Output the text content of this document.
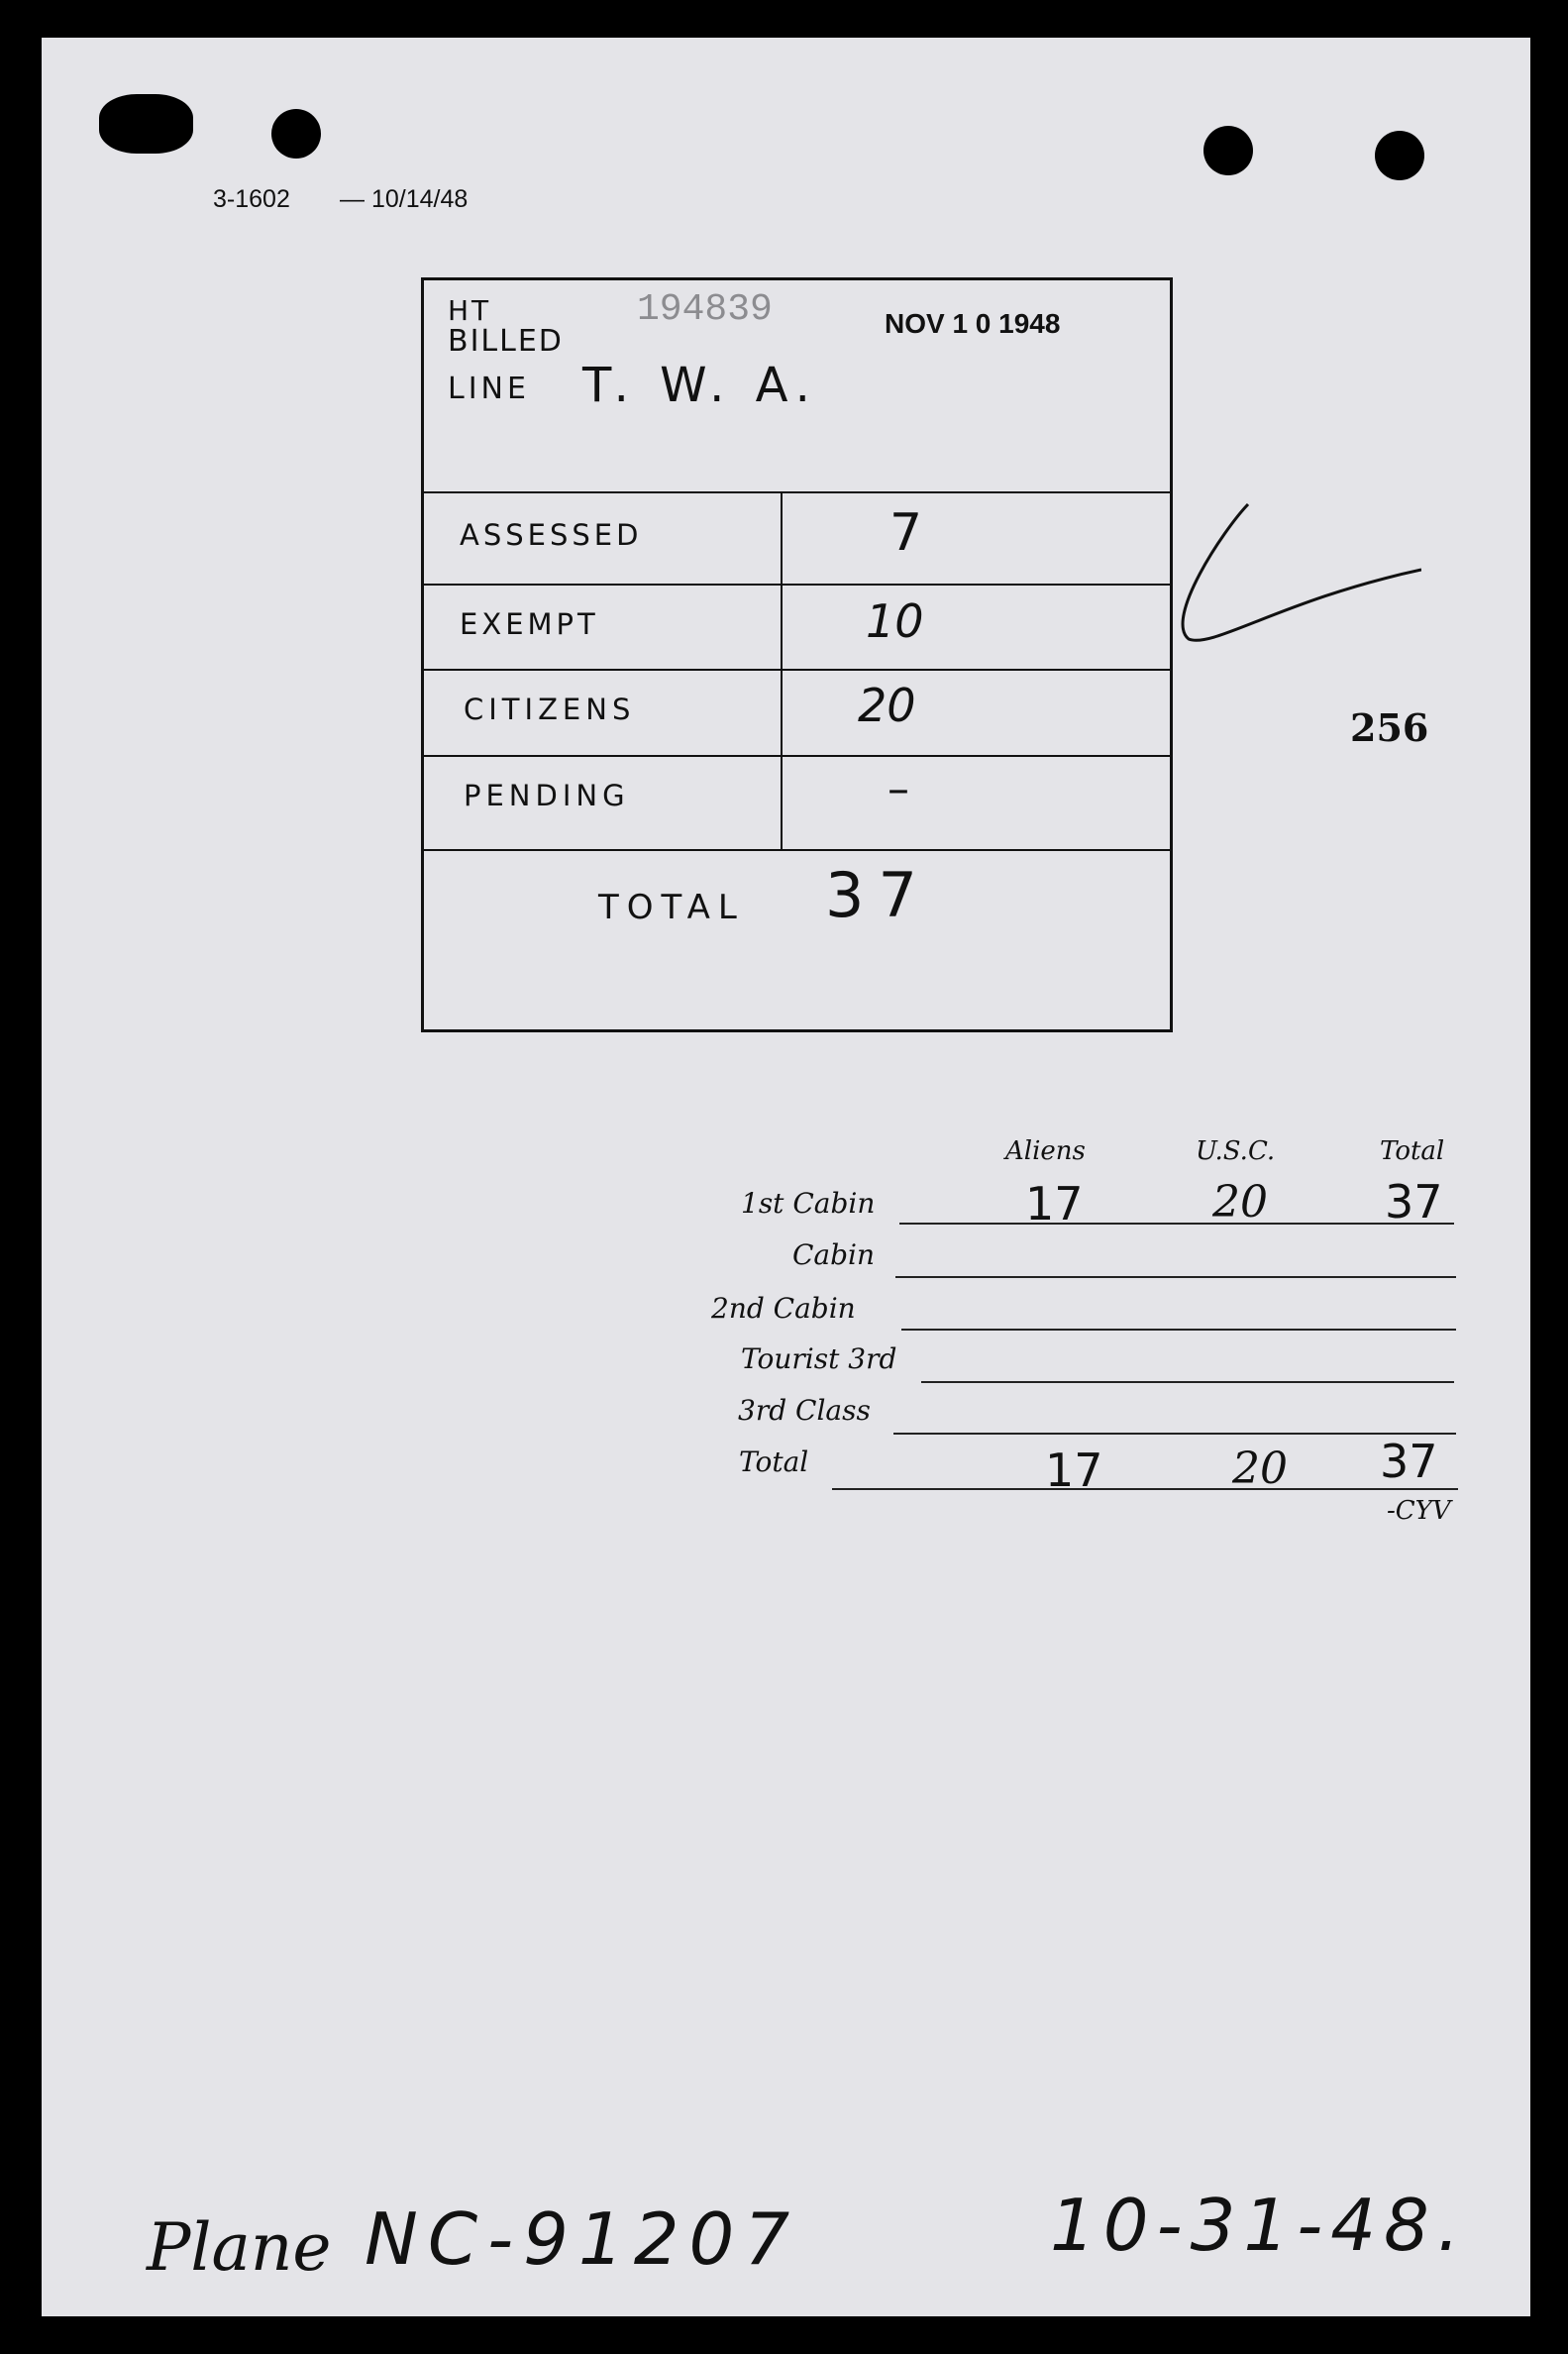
3-1602 — 10/14/48
HT
BILLED
LINE T. W. A.
194839	NOV 1 0 1948
ASSESSED	7
EXEMPT	10
CITIZENS	20
PENDING	–
TOTAL 37
256
Aliens	U.S.C.	Total
1st Cabin	17	20	37
Cabin
2nd Cabin
Tourist 3rd
3rd Class
Total	17	20 37
-CYV
Plane NC-91207	10-31-48.
